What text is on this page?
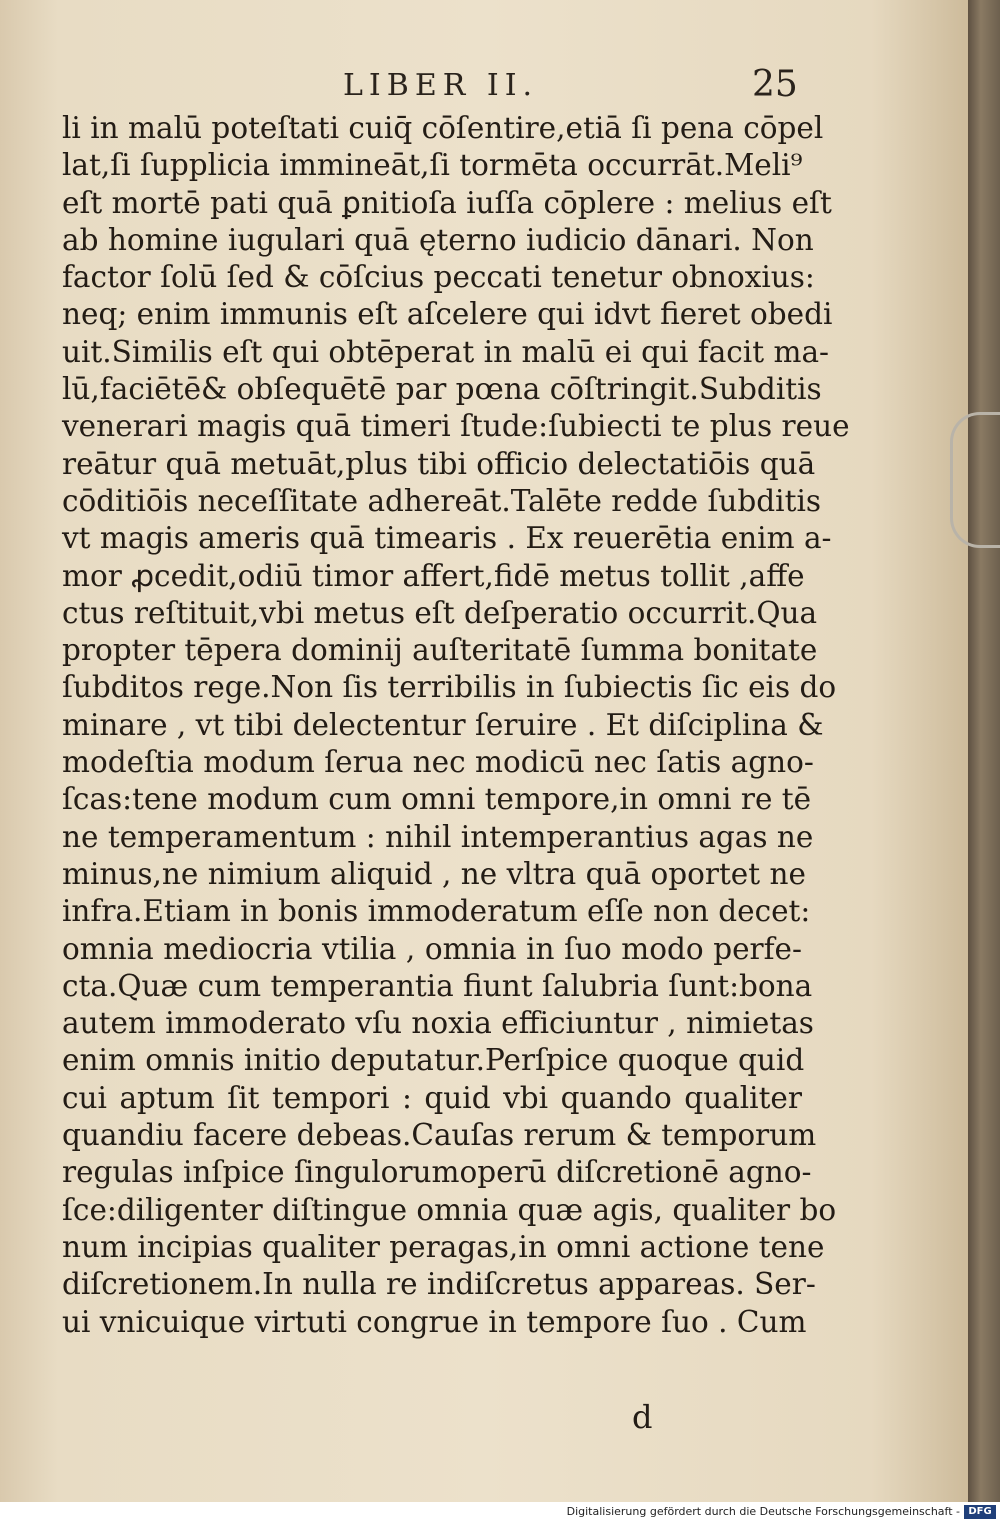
LIBER II.	25
li in malū poteſtati cuiq̄ cōſentire,etiā ſi pena cōpel
lat,ſi ſupplicia immineāt,ſi tormēta occurrāt.Meli⁹
eſt mortē pati quā ꝑnitioſa iuſſa cōplere : melius eſt
ab homine iugulari quā ęterno iudicio dānari. Non
factor ſolū ſed & cōſcius peccati tenetur obnoxius:
neq; enim immunis eſt aſcelere qui idvt fieret obedi
uit.Similis eſt qui obtēperat in malū ei qui facit ma-
lū,faciētē& obſequētē par pœna cōſtringit.Subditis
venerari magis quā timeri ſtude:ſubiecti te plus reue
reātur quā metuāt,plus tibi officio delectatiōis quā
cōditiōis neceſſitate adhereāt.Talēte redde ſubditis
vt magis ameris quā timearis . Ex reuerētia enim a-
mor ꝓcedit,odiū timor affert,fidē metus tollit ,affe
ctus reſtituit,vbi metus eſt deſperatio occurrit.Qua
propter tēpera dominij auſteritatē ſumma bonitate
ſubditos rege.Non ſis terribilis in ſubiectis ſic eis do
minare , vt tibi delectentur ſeruire . Et diſciplina &
modeſtia modum ſerua nec modicū nec ſatis agno-
ſcas:tene modum cum omni tempore,in omni re tē
ne temperamentum : nihil intemperantius agas ne
minus,ne nimium aliquid , ne vltra quā oportet ne
infra.Etiam in bonis immoderatum eſſe non decet:
omnia mediocria vtilia , omnia in ſuo modo perfe-
cta.Quæ cum temperantia fiunt ſalubria ſunt:bona
autem immoderato vſu noxia efficiuntur , nimietas
enim omnis initio deputatur.Perſpice quoque quid
cui aptum ſit tempori : quid vbi quando qualiter
quandiu facere debeas.Cauſas rerum & temporum
regulas inſpice ſingulorumoperū diſcretionē agno-
ſce:diligenter diſtingue omnia quæ agis, qualiter bo
num incipias qualiter peragas,in omni actione tene
diſcretionem.In nulla re indiſcretus appareas. Ser-
ui vnicuique virtuti congrue in tempore ſuo . Cum
d
Digitalisierung gefördert durch die Deutsche Forschungsgemeinschaft - DFG
